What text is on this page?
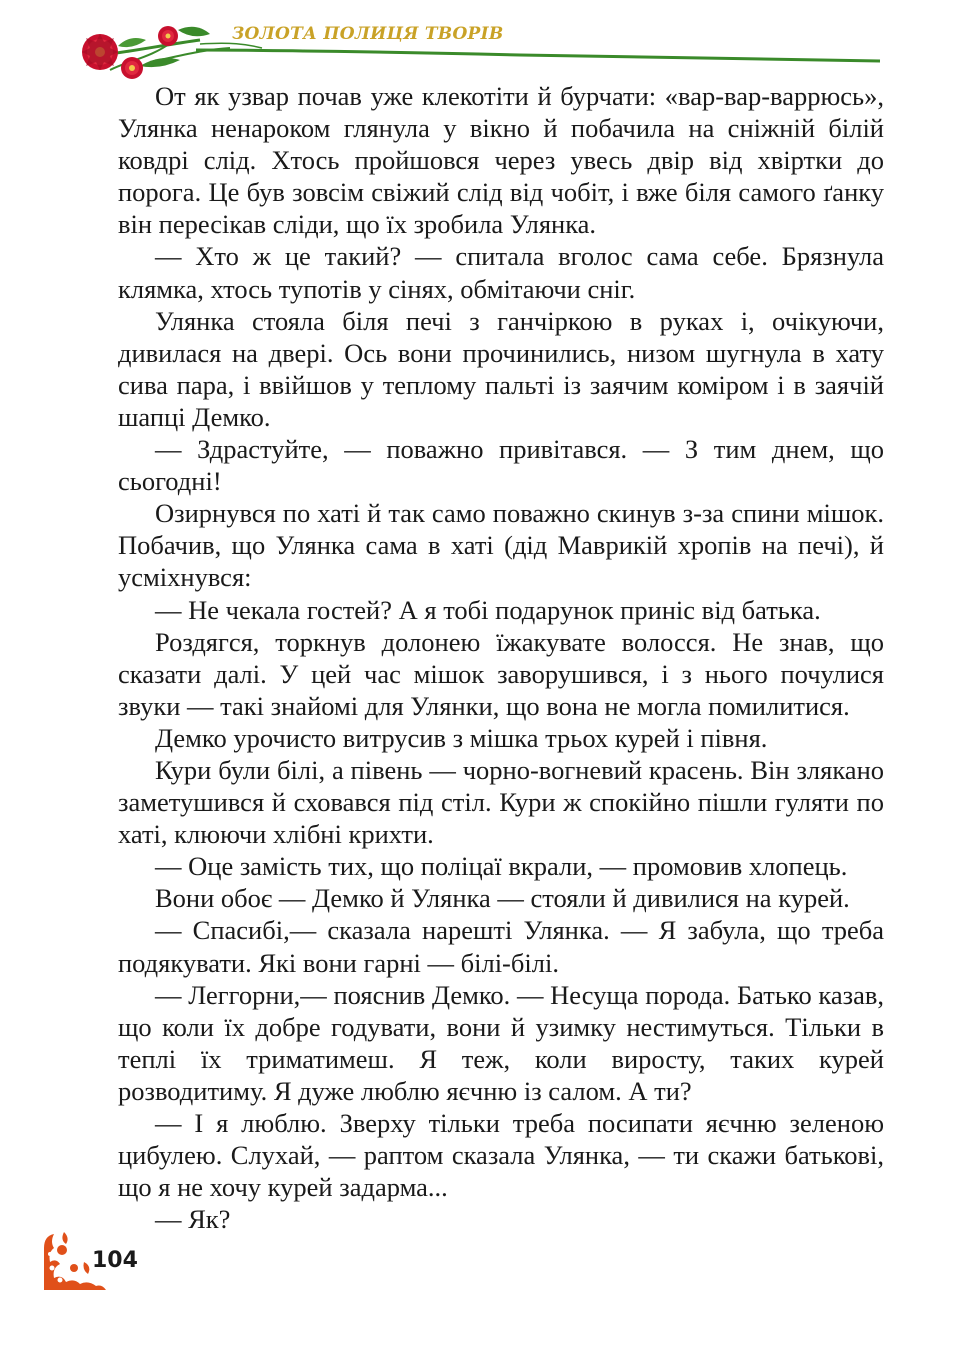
ЗОЛОТА ПОЛИЦЯ ТВОРІВ

От як узвар почав уже клекотіти й бурчати: «вар-вар-варрюсь», Улянка ненароком глянула у вікно й побачила на сніжній білій ковдрі слід. Хтось пройшовся через увесь двір від хвіртки до порога. Це був зовсім свіжий слід від чобіт, і вже біля самого ґанку він пересікав сліди, що їх зробила Улянка.

— Хто ж це такий? — спитала вголос сама себе. Брязнула клямка, хтось тупотів у сінях, обмітаючи сніг.

Улянка стояла біля печі з ганчіркою в руках і, очікуючи, дивилася на двері. Ось вони прочинились, низом шугнула в хату сива пара, і ввійшов у теплому пальті із заячим коміром і в заячій шапці Демко.

— Здрастуйте, — поважно привітався. — З тим днем, що сьогодні!

Озирнувся по хаті й так само поважно скинув з-за спини мішок. Побачив, що Улянка сама в хаті (дід Маврикій хропів на печі), й усміхнувся:

— Не чекала гостей? А я тобі подарунок приніс від батька.

Роздягся, торкнув долонею їжакувате волосся. Не знав, що сказати далі. У цей час мішок заворушився, і з нього почулися звуки — такі знайомі для Улянки, що вона не могла помилитися.

Демко урочисто витрусив з мішка трьох курей і півня.

Кури були білі, а півень — чорно-вогневий красень. Він злякано заметушився й сховався під стіл. Кури ж спокійно пішли гуляти по хаті, клюючи хлібні крихти.

— Оце замість тих, що поліцаї вкрали, — промовив хлопець.

Вони обоє — Демко й Улянка — стояли й дивилися на курей.

— Спасибі,— сказала нарешті Улянка. — Я забула, що треба подякувати. Які вони гарні — білі-білі.

— Леггорни,— пояснив Демко. — Несуща порода. Батько казав, що коли їх добре годувати, вони й узимку нестимуться. Тільки в теплі їх триматимеш. Я теж, коли виросту, таких курей розводитиму. Я дуже люблю яєчню із салом. А ти?

— І я люблю. Зверху тільки треба посипати яєчню зеленою цибулею. Слухай, — раптом сказала Улянка, — ти скажи батькові, що я не хочу курей задарма...

— Як?

104
